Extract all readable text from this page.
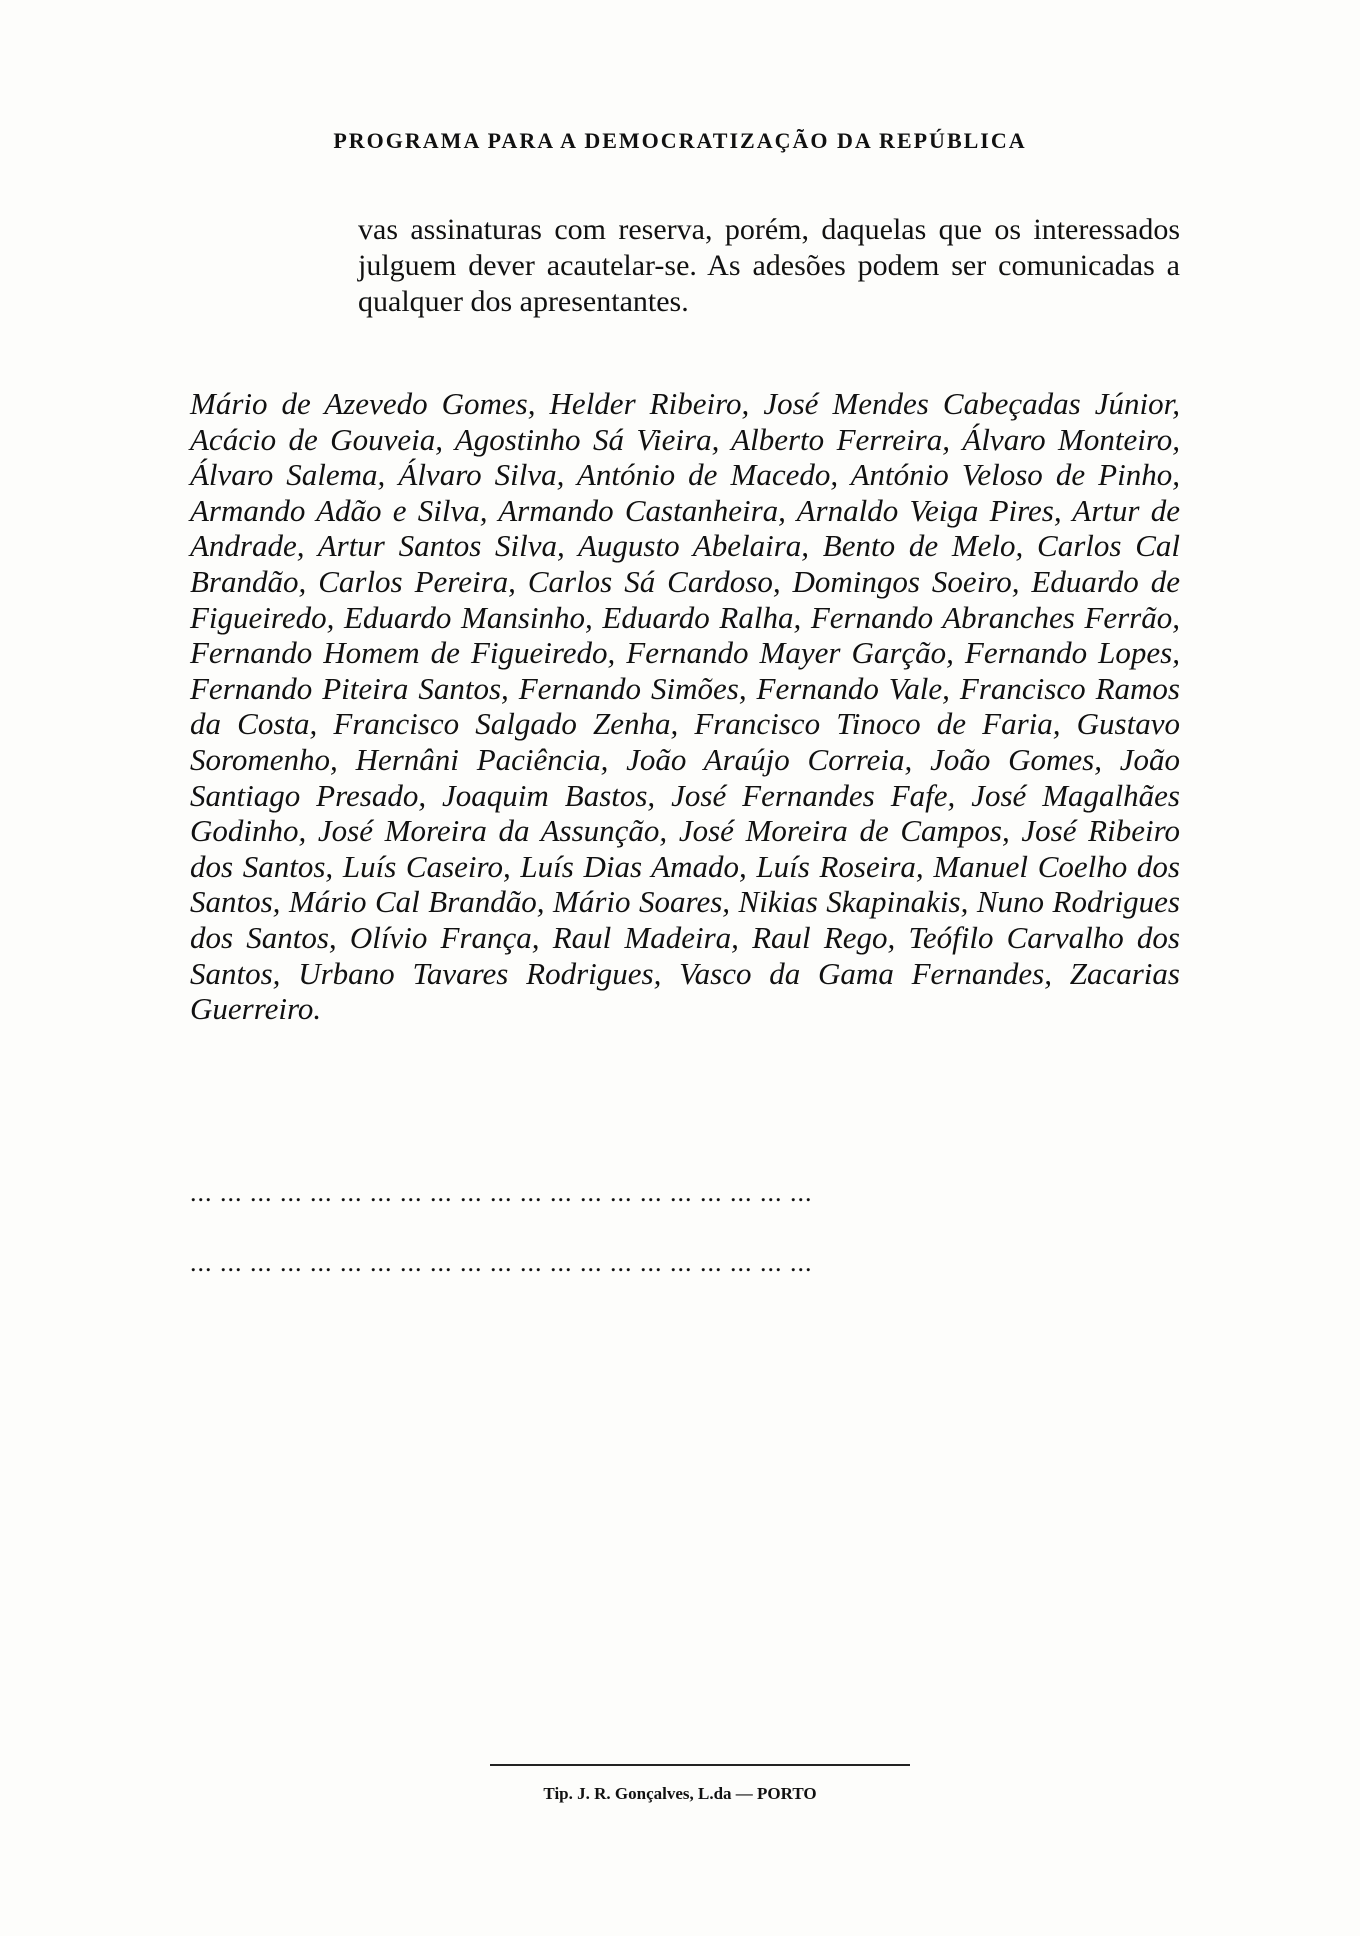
PROGRAMA PARA A DEMOCRATIZAÇÃO DA REPÚBLICA
vas assinaturas com reserva, porém, daquelas que os interessados julguem dever acautelar-se. As adesões podem ser comunicadas a qualquer dos apresentantes.
Mário de Azevedo Gomes, Helder Ribeiro, José Mendes Cabeçadas Júnior, Acácio de Gouveia, Agostinho Sá Vieira, Alberto Ferreira, Álvaro Monteiro, Álvaro Salema, Álvaro Silva, António de Macedo, António Veloso de Pinho, Armando Adão e Silva, Armando Castanheira, Arnaldo Veiga Pires, Artur de Andrade, Artur Santos Silva, Augusto Abelaira, Bento de Melo, Carlos Cal Brandão, Carlos Pereira, Carlos Sá Cardoso, Domingos Soeiro, Eduardo de Figueiredo, Eduardo Mansinho, Eduardo Ralha, Fernando Abranches Ferrão, Fernando Homem de Figueiredo, Fernando Mayer Garção, Fernando Lopes, Fernando Piteira Santos, Fernando Simões, Fernando Vale, Francisco Ramos da Costa, Francisco Salgado Zenha, Francisco Tinoco de Faria, Gustavo Soromenho, Hernâni Paciência, João Araújo Correia, João Gomes, João Santiago Presado, Joaquim Bastos, José Fernandes Fafe, José Magalhães Godinho, José Moreira da Assunção, José Moreira de Campos, José Ribeiro dos Santos, Luís Caseiro, Luís Dias Amado, Luís Roseira, Manuel Coelho dos Santos, Mário Cal Brandão, Mário Soares, Nikias Skapinakis, Nuno Rodrigues dos Santos, Olívio França, Raul Madeira, Raul Rego, Teófilo Carvalho dos Santos, Urbano Tavares Rodrigues, Vasco da Gama Fernandes, Zacarias Guerreiro.
... ... ... ... ... ... ... ... ... ... ... ... ... ... ... ... ... ... ... ... ...
... ... ... ... ... ... ... ... ... ... ... ... ... ... ... ... ... ... ... ... ...
Tip. J. R. Gonçalves, L.da — PORTO
